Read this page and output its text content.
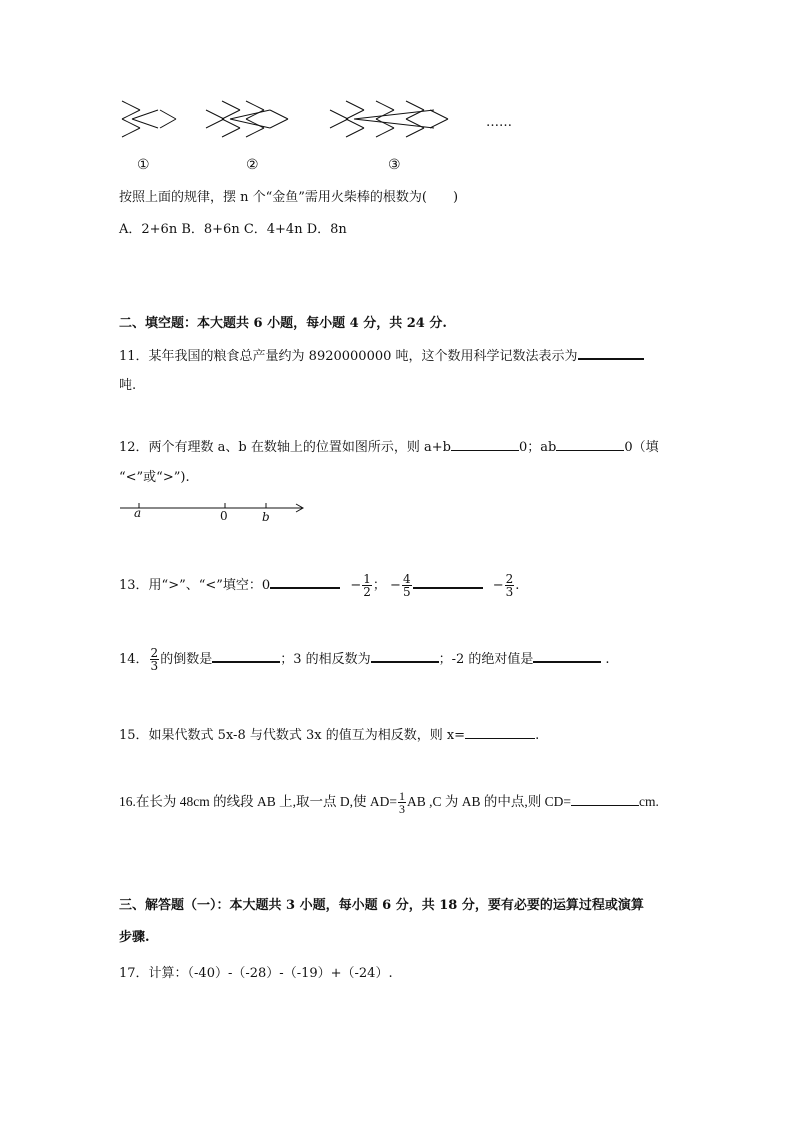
……
①	②	③
按照上面的规律，摆 n 个“金鱼”需用火柴棒的根数为(　　)
A．2+6n B．8+6n C．4+4n D．8n
二、填空题：本大题共 6 小题，每小题 4 分，共 24 分.
11．某年我国的粮食总产量约为 8920000000 吨，这个数用科学记数法表示为
吨.
12．两个有理数 a、b 在数轴上的位置如图所示，则 a+b	0；ab	0（填
“<”或“>”).
a	0	b
13．用“>”、“<”填空：0	− $\frac{1}{2}$ ； − $\frac{4}{5}$	− $\frac{2}{3}$ .
14． $\frac{2}{3}$ 的倒数是	；3 的相反数为	；-2 的绝对值是	.
15．如果代数式 5x-8 与代数式 3x 的值互为相反数，则 x=	.
16.在长为 48cm 的线段 AB 上,取一点 D,使 $AD= \frac{1}{3}$ AB ,C 为 AB 的中点,则 CD=	cm.
三、解答题（一）：本大题共 3 小题，每小题 6 分，共 18 分，要有必要的运算过程或演算
步骤.
17．计算：（-40）-（-28）-（-19）+（-24）.
